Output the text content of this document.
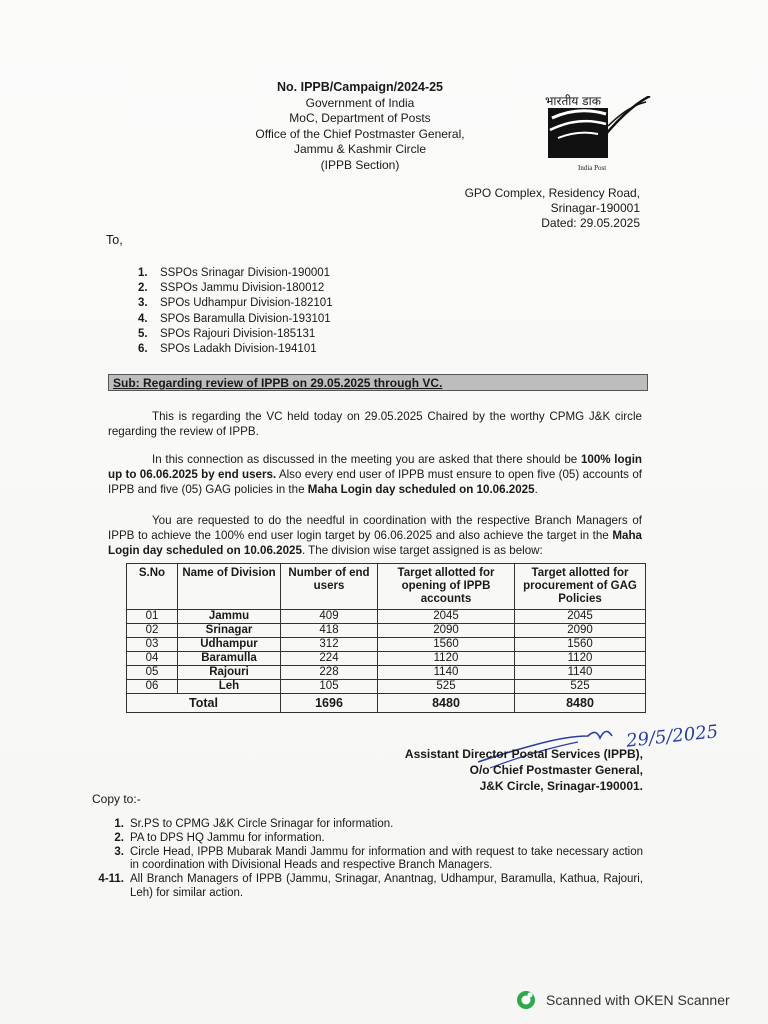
No. IPPB/Campaign/2024-25
Government of India
MoC, Department of Posts
Office of the Chief Postmaster General,
Jammu & Kashmir Circle
(IPPB Section)
भारतीय डाक
India Post
GPO Complex, Residency Road,
Srinagar-190001
Dated: 29.05.2025
To,
1. SSPOs Srinagar Division-190001
2. SSPOs Jammu Division-180012
3. SPOs Udhampur Division-182101
4. SPOs Baramulla Division-193101
5. SPOs Rajouri Division-185131
6. SPOs Ladakh Division-194101
Sub: Regarding review of IPPB on 29.05.2025 through VC.

This is regarding the VC held today on 29.05.2025 Chaired by the worthy CPMG J&K circle regarding the review of IPPB.

In this connection as discussed in the meeting you are asked that there should be 100% login up to 06.06.2025 by end users. Also every end user of IPPB must ensure to open five (05) accounts of IPPB and five (05) GAG policies in the Maha Login day scheduled on 10.06.2025.

You are requested to do the needful in coordination with the respective Branch Managers of IPPB to achieve the 100% end user login target by 06.06.2025 and also achieve the target in the Maha Login day scheduled on 10.06.2025. The division wise target assigned is as below:

S.No	Name of Division	Number of end users	Target allotted for opening of IPPB accounts	Target allotted for procurement of GAG Policies
01	Jammu	409	2045	2045
02	Srinagar	418	2090	2090
03	Udhampur	312	1560	1560
04	Baramulla	224	1120	1120
05	Rajouri	228	1140	1140
06	Leh	105	525	525
Total		1696	8480	8480
29/5/2025
Assistant Director Postal Services (IPPB),
O/o Chief Postmaster General,
J&K Circle, Srinagar-190001.
Copy to:-
1. Sr.PS to CPMG J&K Circle Srinagar for information.
2. PA to DPS HQ Jammu for information.
3. Circle Head, IPPB Mubarak Mandi Jammu for information and with request to take necessary action in coordination with Divisional Heads and respective Branch Managers.
4-11. All Branch Managers of IPPB (Jammu, Srinagar, Anantnag, Udhampur, Baramulla, Kathua, Rajouri, Leh) for similar action.
Scanned with OKEN Scanner
